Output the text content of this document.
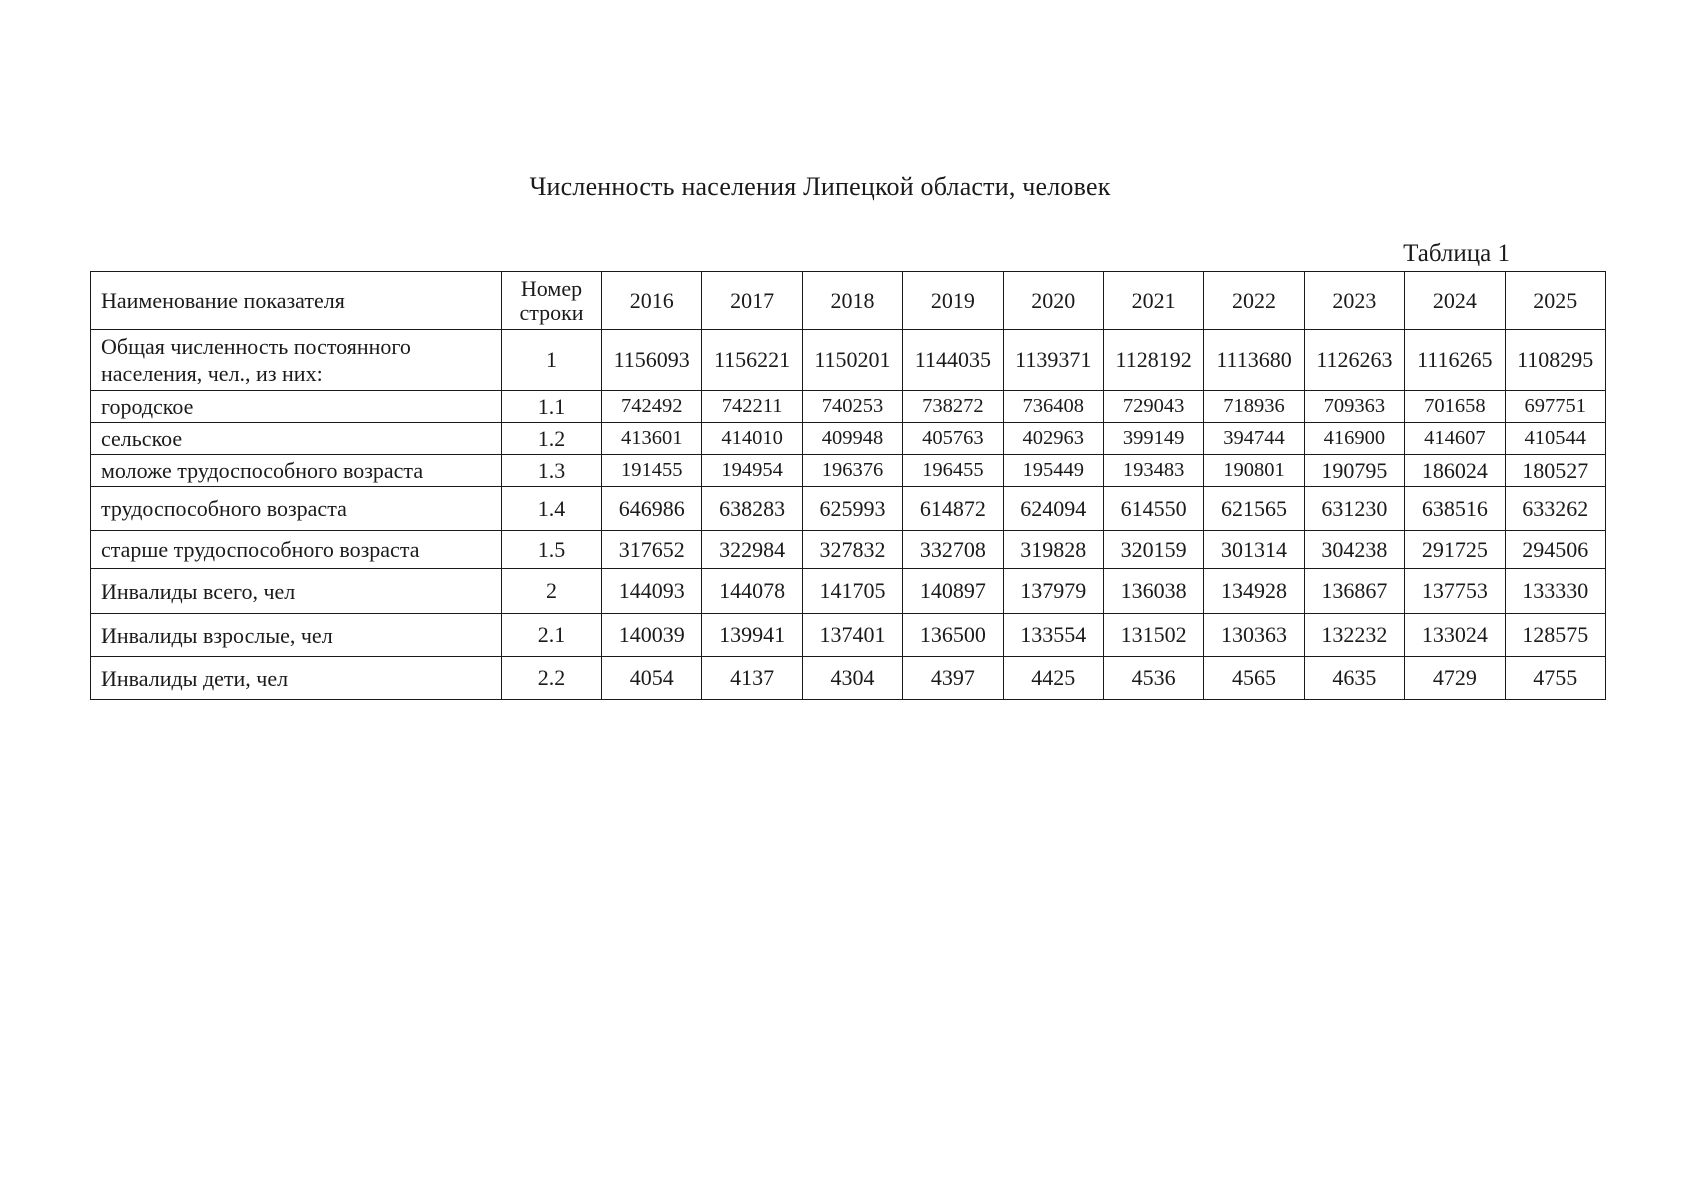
Численность населения Липецкой области, человек
Таблица 1
Наименование показателя	Номер строки	2016	2017	2018	2019	2020	2021	2022	2023	2024	2025
Общая численность постоянного населения, чел., из них:	1	1156093	1156221	1150201	1144035	1139371	1128192	1113680	1126263	1116265	1108295
городское	1.1	742492	742211	740253	738272	736408	729043	718936	709363	701658	697751
сельское	1.2	413601	414010	409948	405763	402963	399149	394744	416900	414607	410544
моложе трудоспособного возраста	1.3	191455	194954	196376	196455	195449	193483	190801	190795	186024	180527
трудоспособного возраста	1.4	646986	638283	625993	614872	624094	614550	621565	631230	638516	633262
старше трудоспособного возраста	1.5	317652	322984	327832	332708	319828	320159	301314	304238	291725	294506
Инвалиды всего, чел	2	144093	144078	141705	140897	137979	136038	134928	136867	137753	133330
Инвалиды взрослые, чел	2.1	140039	139941	137401	136500	133554	131502	130363	132232	133024	128575
Инвалиды дети, чел	2.2	4054	4137	4304	4397	4425	4536	4565	4635	4729	4755
